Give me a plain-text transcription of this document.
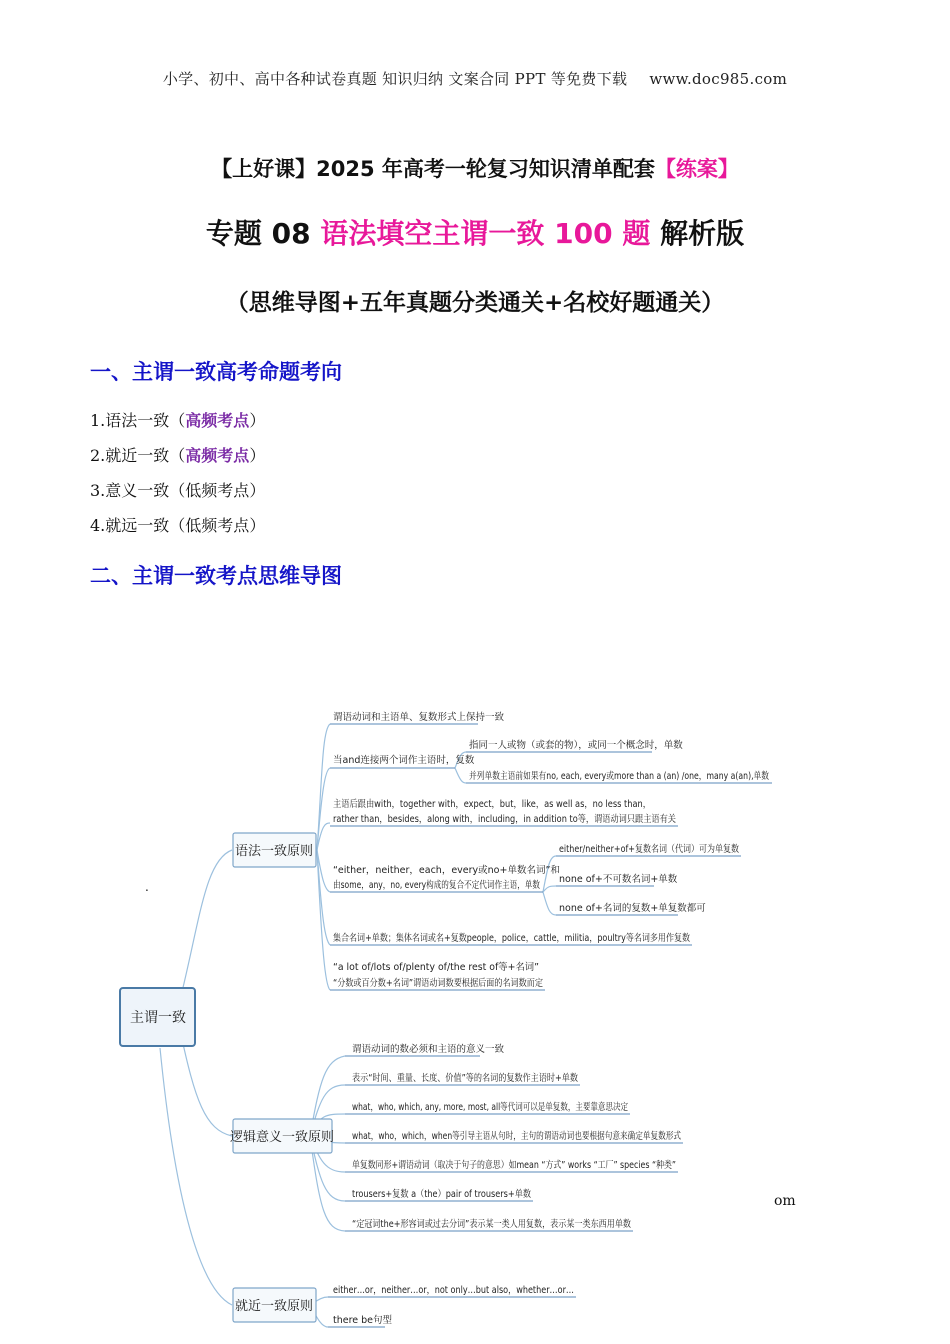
小学、初中、高中各种试卷真题 知识归纳 文案合同 PPT 等免费下载 www.doc985.com
【上好课】2025 年高考一轮复习知识清单配套【练案】
专题 08 语法填空主谓一致 100 题 解析版
（思维导图+五年真题分类通关+名校好题通关）
一、主谓一致高考命题考向
1.语法一致（高频考点）
2.就近一致（高频考点）
3.意义一致（低频考点）
4.就远一致（低频考点）
二、主谓一致考点思维导图
.
om
主谓一致
语法一致原则
逻辑意义一致原则
就近一致原则
谓语动词和主语单、复数形式上保持一致
当and连接两个词作主语时，复数
指同一人或物（或套的物），或同一个概念时，单数
并列单数主语前如果有no, each, every或more than a (an) /one，many a(an),单数
主语后跟由with，together with，expect，but，like，as well as，no less than，
rather than，besides，along with，including，in addition to等，谓语动词只跟主语有关
“either，neither，each，every或no+单数名词”和
由some，any，no, every构成的复合不定代词作主语，单数
either/neither+of+复数名词（代词）可为单复数
none of+不可数名词+单数
none of+名词的复数+单复数都可
集合名词+单数；集体名词或名+复数people，police，cattle，militia，poultry等名词多用作复数
“a lot of/lots of/plenty of/the rest of等+名词”
“分数或百分数+名词”谓语动词数要根据后面的名词数而定
谓语动词的数必须和主语的意义一致
表示“时间、重量、长度、价值”等的名词的复数作主语时+单数
what，who, which, any, more, most, all等代词可以是单复数，主要靠意思决定
what，who，which，when等引导主语从句时，主句的谓语动词也要根据句意来确定单复数形式
单复数同形+谓语动词（取决于句子的意思）如mean “方式” works “工厂” species “种类”
trousers+复数 a（the）pair of trousers+单数
“定冠词the+形容词或过去分词”表示某一类人用复数，表示某一类东西用单数
either…or，neither…or，not only…but also，whether…or…
there be句型
